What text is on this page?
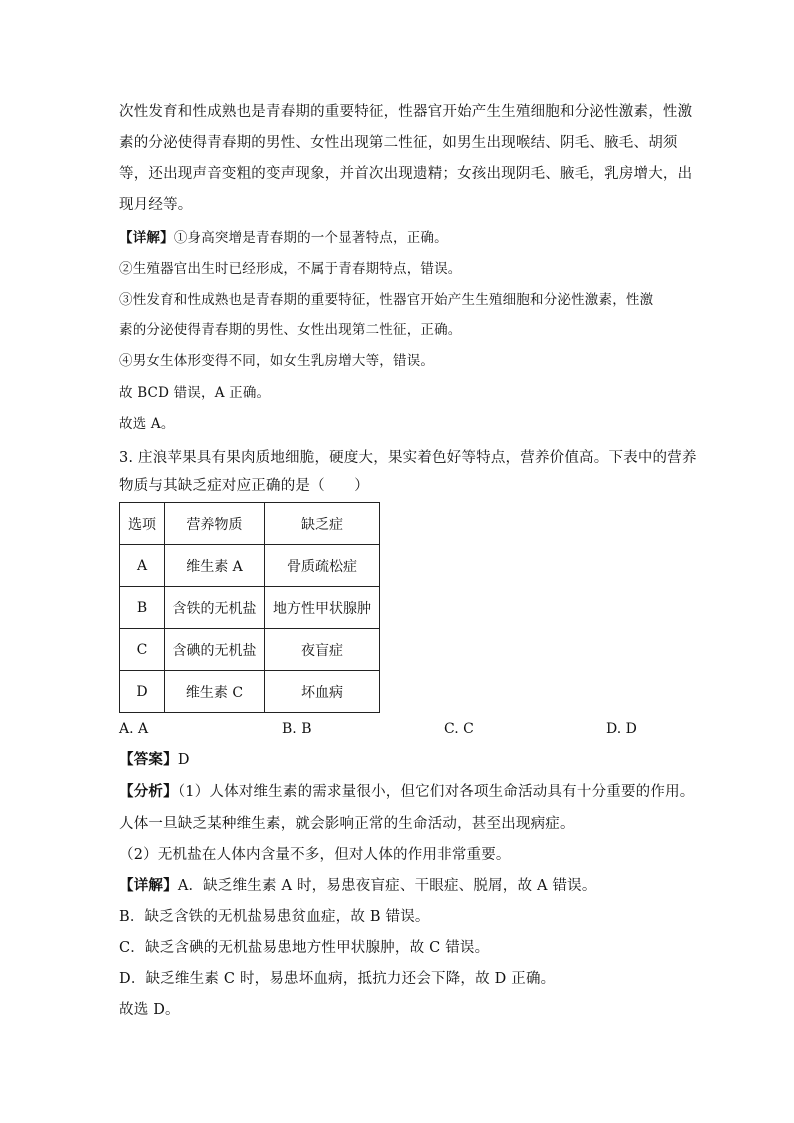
次性发育和性成熟也是青春期的重要特征，性器官开始产生生殖细胞和分泌性激素，性激
素的分泌使得青春期的男性、女性出现第二性征，如男生出现喉结、阴毛、腋毛、胡须
等，还出现声音变粗的变声现象，并首次出现遗精；女孩出现阴毛、腋毛，乳房增大，出
现月经等。
【详解】①身高突增是青春期的一个显著特点，正确。
②生殖器官出生时已经形成，不属于青春期特点，错误。
③性发育和性成熟也是青春期的重要特征，性器官开始产生生殖细胞和分泌性激素，性激
素的分泌使得青春期的男性、女性出现第二性征，正确。
④男女生体形变得不同，如女生乳房增大等，错误。
故 BCD 错误，A 正确。
故选 A。
3. 庄浪苹果具有果肉质地细脆，硬度大，果实着色好等特点，营养价值高。下表中的营养
物质与其缺乏症对应正确的是（　　）
选项	营养物质	缺乏症
A	维生素 A	骨质疏松症
B	含铁的无机盐	地方性甲状腺肿
C	含碘的无机盐	夜盲症
D	维生素 C	坏血病
A. A	B. B	C. C	D. D
【答案】D
【分析】（1）人体对维生素的需求量很小，但它们对各项生命活动具有十分重要的作用。
人体一旦缺乏某种维生素，就会影响正常的生命活动，甚至出现病症。
（2）无机盐在人体内含量不多，但对人体的作用非常重要。
【详解】A．缺乏维生素 A 时，易患夜盲症、干眼症、脱屑，故 A 错误。
B．缺乏含铁的无机盐易患贫血症，故 B 错误。
C．缺乏含碘的无机盐易患地方性甲状腺肿，故 C 错误。
D．缺乏维生素 C 时，易患坏血病，抵抗力还会下降，故 D 正确。
故选 D。
